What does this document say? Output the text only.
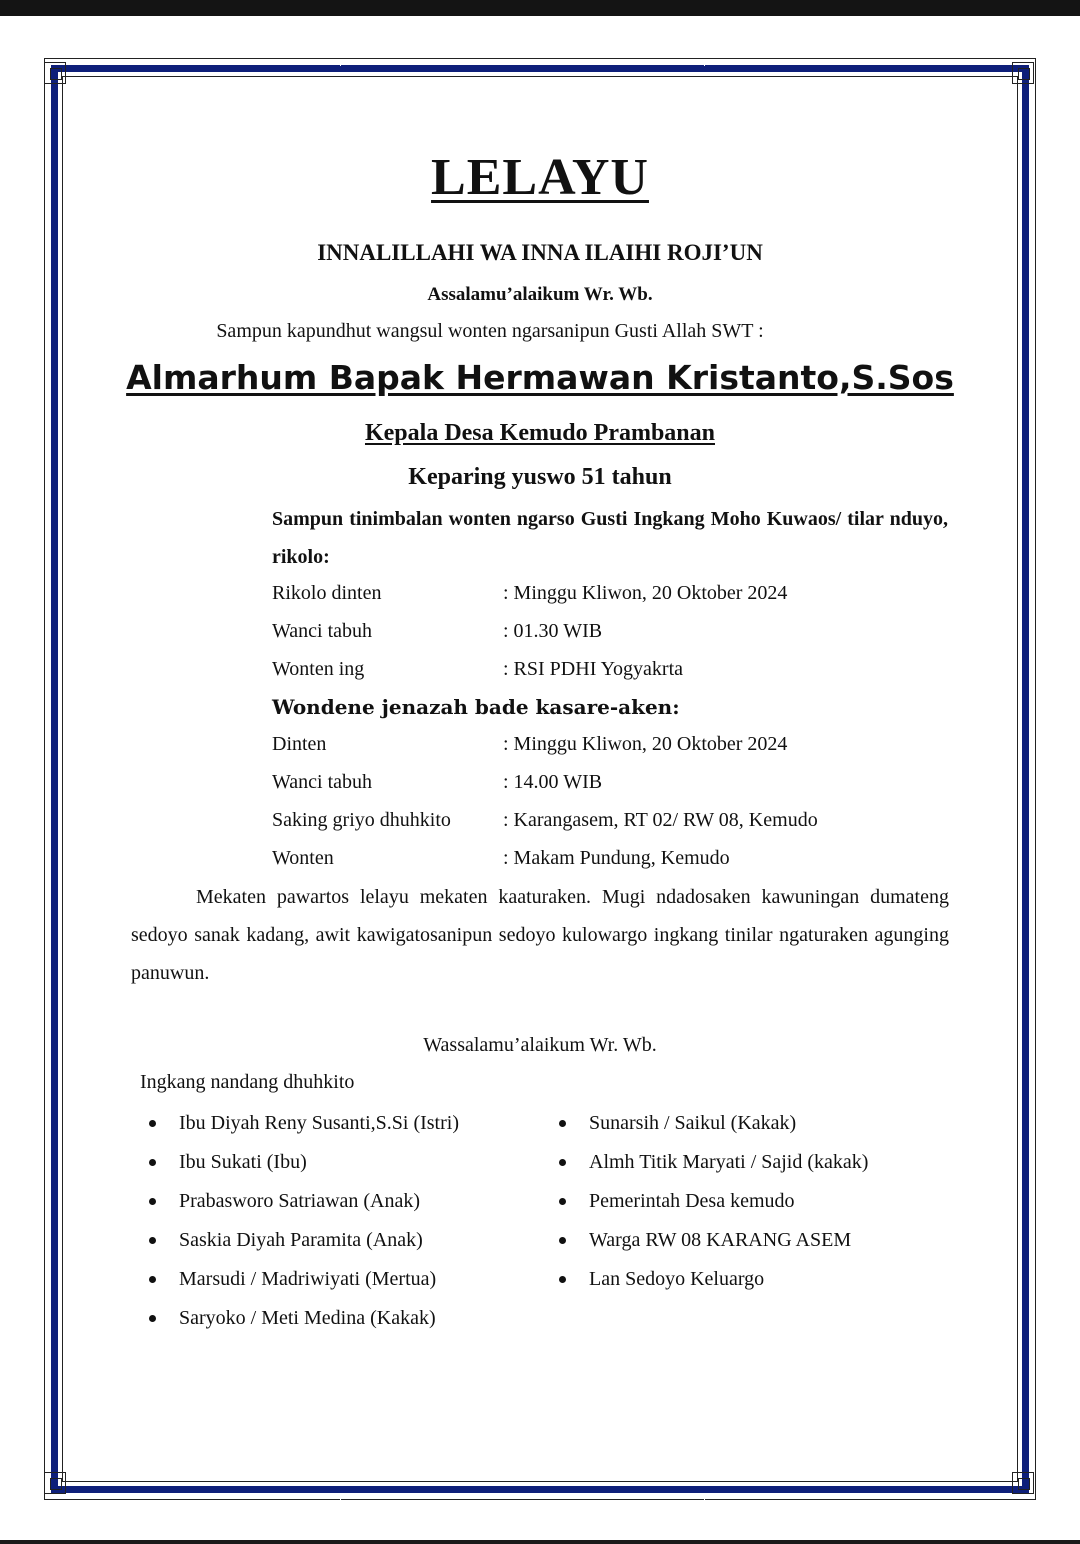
LELAYU
INNALILLAHI WA INNA ILAIHI ROJI’UN
Assalamu’alaikum Wr. Wb.
Sampun kapundhut wangsul wonten ngarsanipun Gusti Allah SWT :
Almarhum Bapak Hermawan Kristanto,S.Sos
Kepala Desa Kemudo Prambanan
Keparing yuswo 51 tahun
Sampun tinimbalan wonten ngarso Gusti Ingkang Moho Kuwaos/ tilar nduyo, rikolo:
Rikolo dinten	: Minggu Kliwon, 20 Oktober 2024
Wanci tabuh	: 01.30 WIB
Wonten ing	: RSI PDHI Yogyakrta
Wondene jenazah bade kasare-aken:
Dinten	: Minggu Kliwon, 20 Oktober 2024
Wanci tabuh	: 14.00 WIB
Saking griyo dhuhkito	: Karangasem, RT 02/ RW 08, Kemudo
Wonten	: Makam Pundung, Kemudo
Mekaten pawartos lelayu mekaten kaaturaken. Mugi ndadosaken kawuningan dumateng sedoyo sanak kadang, awit kawigatosanipun sedoyo kulowargo ingkang tinilar ngaturaken agunging panuwun.
Wassalamu’alaikum Wr. Wb.
Ingkang nandang dhuhkito
Ibu Diyah Reny Susanti,S.Si (Istri)
Ibu Sukati (Ibu)
Prabasworo Satriawan (Anak)
Saskia Diyah Paramita (Anak)
Marsudi / Madriwiyati (Mertua)
Saryoko / Meti Medina (Kakak)
Sunarsih / Saikul (Kakak)
Almh Titik Maryati / Sajid (kakak)
Pemerintah Desa kemudo
Warga RW 08 KARANG ASEM
Lan Sedoyo Keluargo
